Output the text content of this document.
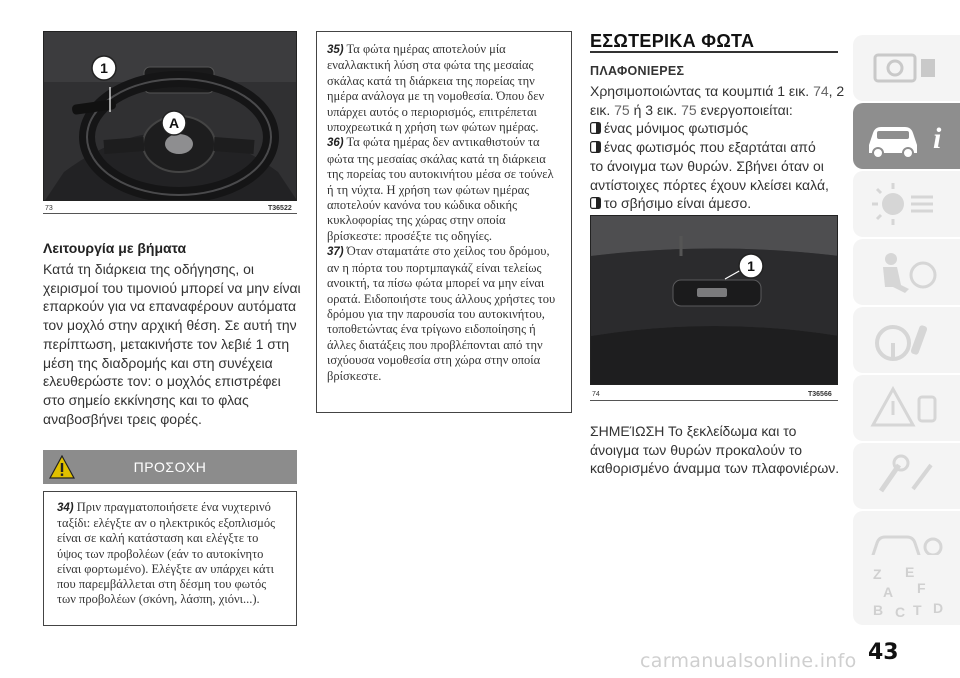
1
A
73	T36522
Λειτουργία με βήματα
Κατά τη διάρκεια της οδήγησης, οι χειρισμοί του τιμονιού μπορεί να μην είναι επαρκούν για να επαναφέρουν αυτόματα τον μοχλό στην αρχική θέση. Σε αυτή την περίπτωση, μετακινήστε τον λεβιέ 1 στη μέση της διαδρομής και στη συνέχεια ελευθερώστε τον: ο μοχλός επιστρέφει στο σημείο εκκίνησης και το φλας αναβοσβήνει τρεις φορές.
ΠΡΟΣΟΧΗ
34) Πριν πραγματοποιήσετε ένα νυχτερινό ταξίδι: ελέγξτε αν ο ηλεκτρικός εξοπλισμός είναι σε καλή κατάσταση και ελέγξτε το ύψος των προβολέων (εάν το αυτοκίνητο είναι φορτωμένο). Ελέγξτε αν υπάρχει κάτι που παρεμβάλλεται στη δέσμη του φωτός των προβολέων (σκόνη, λάσπη, χιόνι...).

35) Τα φώτα ημέρας αποτελούν μία εναλλακτική λύση στα φώτα της μεσαίας σκάλας κατά τη διάρκεια της πορείας την ημέρα ανάλογα με τη νομοθεσία. Όπου δεν υπάρχει αυτός ο περιορισμός, επιτρέπεται υποχρεωτικά η χρήση των φώτων ημέρας.

36) Τα φώτα ημέρας δεν αντικαθιστούν τα φώτα της μεσαίας σκάλας κατά τη διάρκεια της πορείας του αυτοκινήτου μέσα σε τούνελ ή τη νύχτα. Η χρήση των φώτων ημέρας αποτελούν κανόνα του κώδικα οδικής κυκλοφορίας της χώρας στην οποία βρίσκεστε: προσέξτε τις οδηγίες.

37) Όταν σταματάτε στο χείλος του δρόμου, αν η πόρτα του πορτμπαγκάζ είναι τελείως ανοικτή, τα πίσω φώτα μπορεί να μην είναι ορατά. Ειδοποιήστε τους άλλους χρήστες του δρόμου για την παρουσία του αυτοκινήτου, τοποθετώντας ένα τρίγωνο ειδοποίησης ή άλλες διατάξεις που προβλέπονται από την ισχύουσα νομοθεσία στη χώρα στην οποία βρίσκεστε.

ΕΣΩΤΕΡΙΚΑ ΦΩΤΑ
ΠΛΑΦΟΝΙΕΡΕΣ
Χρησιμοποιώντας τα κουμπιά 1 εικ. 74, 2 εικ. 75 ή 3 εικ. 75 ενεργοποιείται:
ένας μόνιμος φωτισμός
ένας φωτισμός που εξαρτάται από
το άνοιγμα των θυρών. Σβήνει όταν οι αντίστοιχες πόρτες έχουν κλείσει καλά,
το σβήσιμο είναι άμεσο.
1
74	T36566
ΣΗΜΕΊΩΣΗ Το ξεκλείδωμα και το άνοιγμα των θυρών προκαλούν το καθορισμένο άναμμα των πλαφονιέρων.
i
Z E
A F
B C T D
43
carmanualsonline.info
